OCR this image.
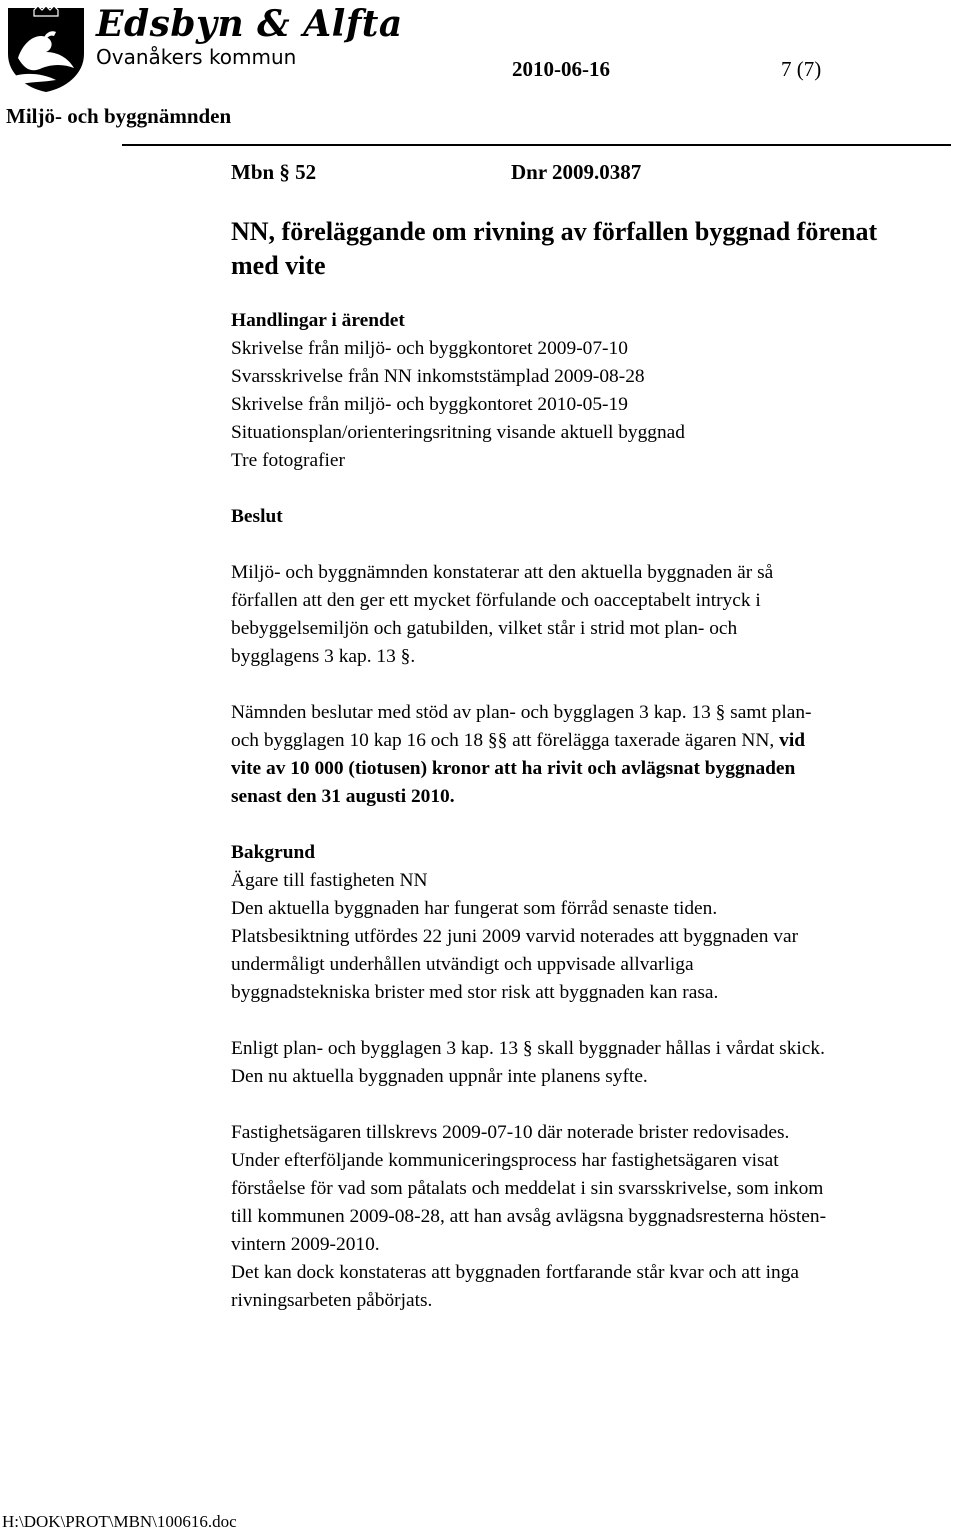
Edsbyn & Alfta
Ovanåkers kommun	2010-06-16	7 (7)
Miljö- och byggnämnden
Mbn § 52	Dnr 2009.0387
NN, föreläggande om rivning av förfallen byggnad förenat
med vite
Handlingar i ärendet
Skrivelse från miljö- och byggkontoret 2009-07-10
Svarsskrivelse från NN inkomststämplad 2009-08-28
Skrivelse från miljö- och byggkontoret 2010-05-19
Situationsplan/orienteringsritning visande aktuell byggnad
Tre fotografier
Beslut
Miljö- och byggnämnden konstaterar att den aktuella byggnaden är så
förfallen att den ger ett mycket förfulande och oacceptabelt intryck i
bebyggelsemiljön och gatubilden, vilket står i strid mot plan- och
bygglagens 3 kap. 13 §.
Nämnden beslutar med stöd av plan- och bygglagen 3 kap. 13 § samt plan-
och bygglagen 10 kap 16 och 18 §§ att förelägga taxerade ägaren NN, vid
vite av 10 000 (tiotusen) kronor att ha rivit och avlägsnat byggnaden
senast den 31 augusti 2010.
Bakgrund
Ägare till fastigheten NN
Den aktuella byggnaden har fungerat som förråd senaste tiden.
Platsbesiktning utfördes 22 juni 2009 varvid noterades att byggnaden var
undermåligt underhållen utvändigt och uppvisade allvarliga
byggnadstekniska brister med stor risk att byggnaden kan rasa.
Enligt plan- och bygglagen 3 kap. 13 § skall byggnader hållas i vårdat skick.
Den nu aktuella byggnaden uppnår inte planens syfte.
Fastighetsägaren tillskrevs 2009-07-10 där noterade brister redovisades.
Under efterföljande kommuniceringsprocess har fastighetsägaren visat
förståelse för vad som påtalats och meddelat i sin svarsskrivelse, som inkom
till kommunen 2009-08-28, att han avsåg avlägsna byggnadsresterna hösten-
vintern 2009-2010.
Det kan dock konstateras att byggnaden fortfarande står kvar och att inga
rivningsarbeten påbörjats.
H:\DOK\PROT\MBN\100616.doc
